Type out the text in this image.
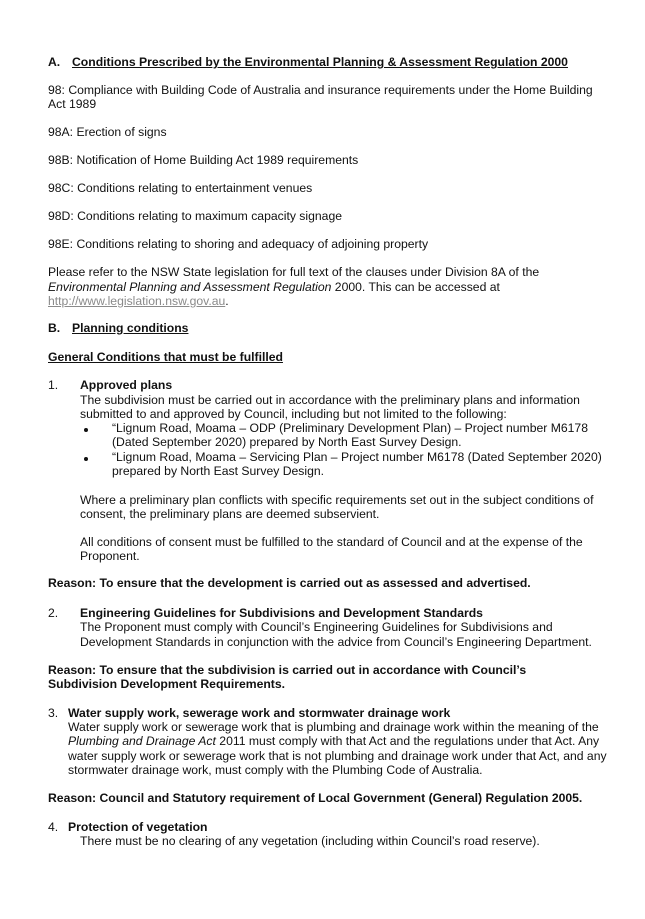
A. Conditions Prescribed by the Environmental Planning & Assessment Regulation 2000
98: Compliance with Building Code of Australia and insurance requirements under the Home Building
Act 1989
98A: Erection of signs
98B: Notification of Home Building Act 1989 requirements
98C: Conditions relating to entertainment venues
98D: Conditions relating to maximum capacity signage
98E: Conditions relating to shoring and adequacy of adjoining property
Please refer to the NSW State legislation for full text of the clauses under Division 8A of the
Environmental Planning and Assessment Regulation 2000. This can be accessed at
http://www.legislation.nsw.gov.au.
B. Planning conditions
General Conditions that must be fulfilled
1. Approved plans
The subdivision must be carried out in accordance with the preliminary plans and information
submitted to and approved by Council, including but not limited to the following:
“Lignum Road, Moama – ODP (Preliminary Development Plan) – Project number M6178
(Dated September 2020) prepared by North East Survey Design.
“Lignum Road, Moama – Servicing Plan – Project number M6178 (Dated September 2020)
prepared by North East Survey Design.
Where a preliminary plan conflicts with specific requirements set out in the subject conditions of
consent, the preliminary plans are deemed subservient.
All conditions of consent must be fulfilled to the standard of Council and at the expense of the
Proponent.
Reason: To ensure that the development is carried out as assessed and advertised.
2. Engineering Guidelines for Subdivisions and Development Standards
The Proponent must comply with Council’s Engineering Guidelines for Subdivisions and
Development Standards in conjunction with the advice from Council’s Engineering Department.
Reason: To ensure that the subdivision is carried out in accordance with Council’s
Subdivision Development Requirements.
3. Water supply work, sewerage work and stormwater drainage work
Water supply work or sewerage work that is plumbing and drainage work within the meaning of the
Plumbing and Drainage Act 2011 must comply with that Act and the regulations under that Act. Any
water supply work or sewerage work that is not plumbing and drainage work under that Act, and any
stormwater drainage work, must comply with the Plumbing Code of Australia.
Reason: Council and Statutory requirement of Local Government (General) Regulation 2005.
4. Protection of vegetation
There must be no clearing of any vegetation (including within Council’s road reserve).
